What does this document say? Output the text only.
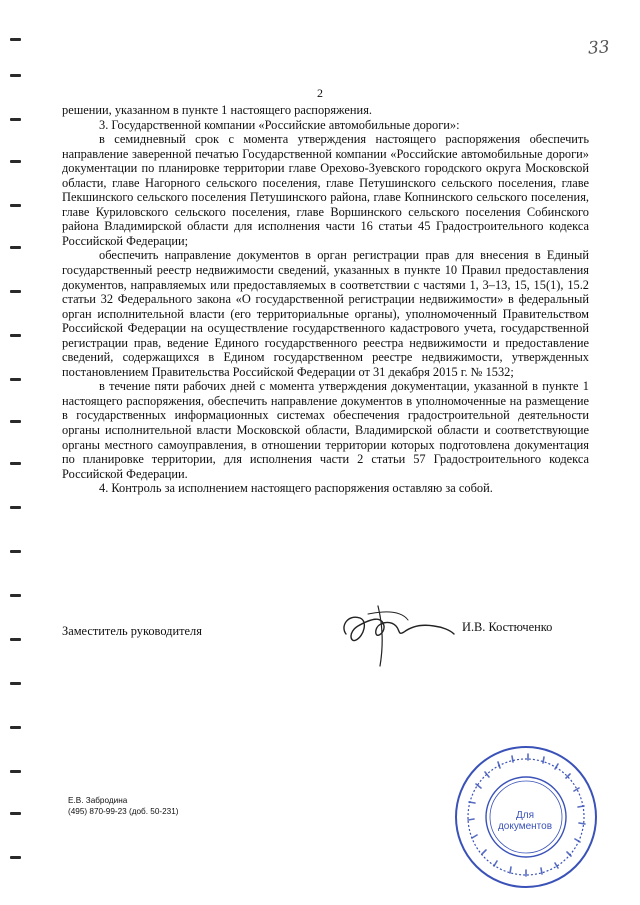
33
2

решении, указанном в пункте 1 настоящего распоряжения.

3. Государственной компании «Российские автомобильные дороги»:

в семидневный срок с момента утверждения настоящего распоряжения обеспечить направление заверенной печатью Государственной компании «Российские автомобильные дороги» документации по планировке территории главе Орехово-Зуевского городского округа Московской области, главе Нагорного сельского поселения, главе Петушинского сельского поселения, главе Пекшинского сельского поселения Петушинского района, главе Копнинского сельского поселения, главе Куриловского сельского поселения, главе Воршинского сельского поселения Собинского района Владимирской области для исполнения части 16 статьи 45 Градостроительного кодекса Российской Федерации;

обеспечить направление документов в орган регистрации прав для внесения в Единый государственный реестр недвижимости сведений, указанных в пункте 10 Правил предоставления документов, направляемых или предоставляемых в соответствии с частями 1, 3–13, 15, 15(1), 15.2 статьи 32 Федерального закона «О государственной регистрации недвижимости» в федеральный орган исполнительной власти (его территориальные органы), уполномоченный Правительством Российской Федерации на осуществление государственного кадастрового учета, государственной регистрации прав, ведение Единого государственного реестра недвижимости и предоставление сведений, содержащихся в Едином государственном реестре недвижимости, утвержденных постановлением Правительства Российской Федерации от 31 декабря 2015 г. № 1532;

в течение пяти рабочих дней с момента утверждения документации, указанной в пункте 1 настоящего распоряжения, обеспечить направление документов в уполномоченные на размещение в государственных информационных системах обеспечения градостроительной деятельности органы исполнительной власти Московской области, Владимирской области и соответствующие органы местного самоуправления, в отношении территории которых подготовлена документация по планировке территории, для исполнения части 2 статьи 57 Градостроительного кодекса Российской Федерации.

4. Контроль за исполнением настоящего распоряжения оставляю за собой.

Заместитель руководителя	И.В. Костюченко
Е.В. Забродина
(495) 870-99-23 (доб. 50-231)	Для
документов
